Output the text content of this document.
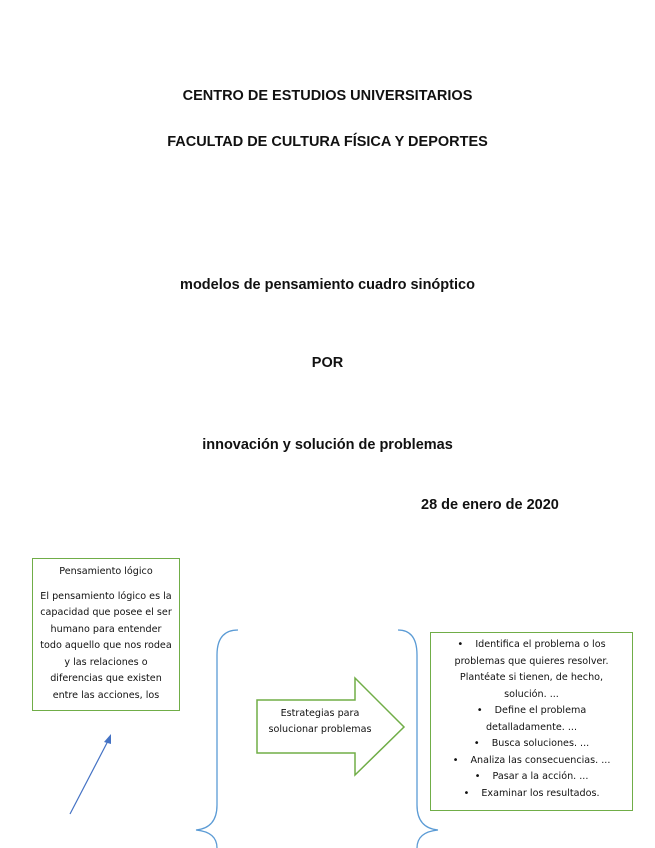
CENTRO DE ESTUDIOS UNIVERSITARIOS
FACULTAD DE CULTURA FÍSICA Y DEPORTES
modelos de pensamiento cuadro sinóptico
POR
innovación y solución de problemas
28 de enero de 2020
Pensamiento lógico
El pensamiento lógico es la capacidad que posee el ser humano para entender todo aquello que nos rodea y las relaciones o diferencias que existen entre las acciones, los
Estrategias para solucionar problemas
• Identifica el problema o los problemas que quieres resolver. Plantéate si tienen, de hecho, solución. ...
• Define el problema detalladamente. ...
• Busca soluciones. ...
• Analiza las consecuencias. ...
• Pasar a la acción. ...
• Examinar los resultados.
